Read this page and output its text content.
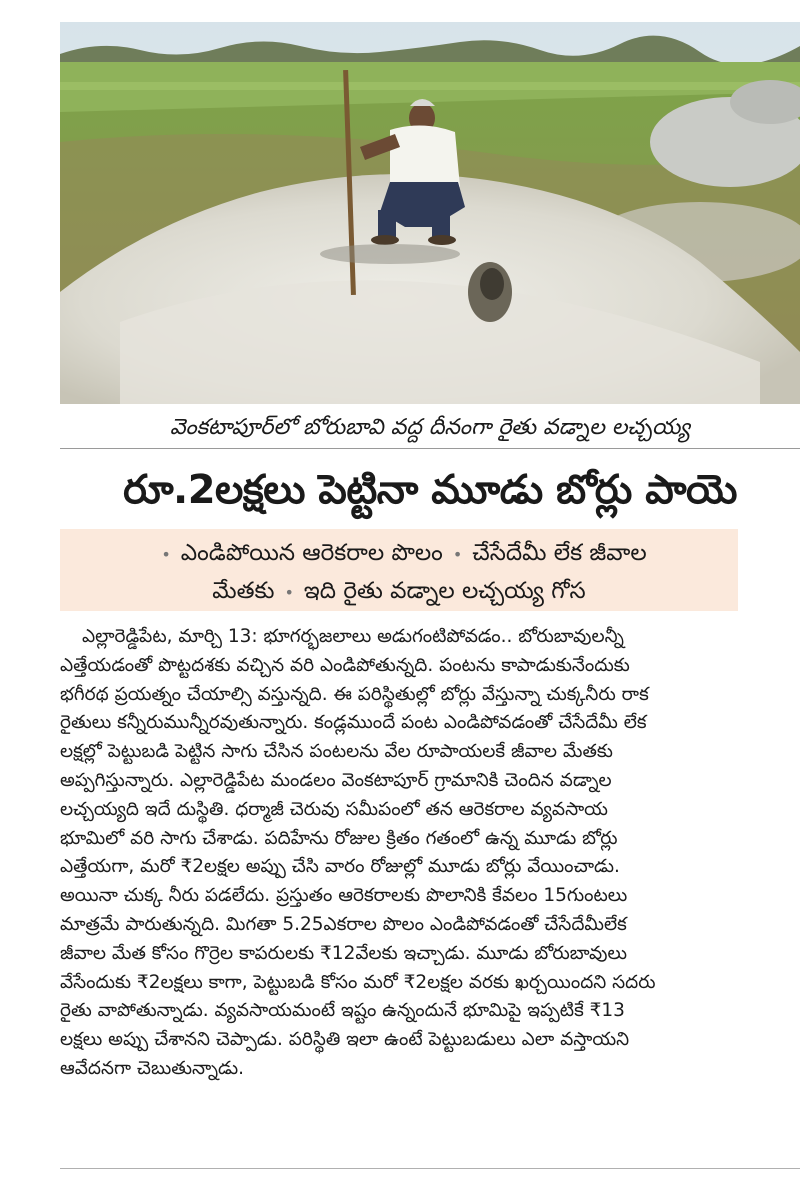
వెంకటాపూర్‌లో బోరుబావి వద్ద దీనంగా రైతు వడ్నాల లచ్చయ్య
రూ.2లక్షలు పెట్టినా మూడు బోర్లు పాయె
• ఎండిపోయిన ఆరెకరాల పొలం • చేసేదేమీ లేక జీవాల
మేతకు • ఇది రైతు వడ్నాల లచ్చయ్య గోస
ఎల్లారెడ్డిపేట, మార్చి 13: భూగర్భజలాలు అడుగంటిపోవడం.. బోరుబావులన్నీ
ఎత్తేయడంతో పొట్టదశకు వచ్చిన వరి ఎండిపోతున్నది. పంటను కాపాడుకునేందుకు
భగీరథ ప్రయత్నం చేయాల్సి వస్తున్నది. ఈ పరిస్థితుల్లో బోర్లు వేస్తున్నా చుక్కనీరు రాక
రైతులు కన్నీరుమున్నీరవుతున్నారు. కండ్లముందే పంట ఎండిపోవడంతో చేసేదేమీ లేక
లక్షల్లో పెట్టుబడి పెట్టిన సాగు చేసిన పంటలను వేల రూపాయలకే జీవాల మేతకు
అప్పగిస్తున్నారు. ఎల్లారెడ్డిపేట మండలం వెంకటాపూర్ గ్రామానికి చెందిన వడ్నాల
లచ్చయ్యది ఇదే దుస్థితి. ధర్మాజీ చెరువు సమీపంలో తన ఆరెకరాల వ్యవసాయ
భూమిలో వరి సాగు చేశాడు. పదిహేను రోజుల క్రితం గతంలో ఉన్న మూడు బోర్లు
ఎత్తేయగా, మరో ₹2లక్షల అప్పు చేసి వారం రోజుల్లో మూడు బోర్లు వేయించాడు.
అయినా చుక్క నీరు పడలేదు. ప్రస్తుతం ఆరెకరాలకు పొలానికి కేవలం 15గుంటలు
మాత్రమే పారుతున్నది. మిగతా 5.25ఎకరాల పొలం ఎండిపోవడంతో చేసేదేమీలేక
జీవాల మేత కోసం గొర్రెల కాపరులకు ₹12వేలకు ఇచ్చాడు. మూడు బోరుబావులు
వేసేందుకు ₹2లక్షలు కాగా, పెట్టుబడి కోసం మరో ₹2లక్షల వరకు ఖర్చయిందని సదరు
రైతు వాపోతున్నాడు. వ్యవసాయమంటే ఇష్టం ఉన్నందునే భూమిపై ఇప్పటికే ₹13
లక్షలు అప్పు చేశానని చెప్పాడు. పరిస్థితి ఇలా ఉంటే పెట్టుబడులు ఎలా వస్తాయని
ఆవేదనగా చెబుతున్నాడు.
